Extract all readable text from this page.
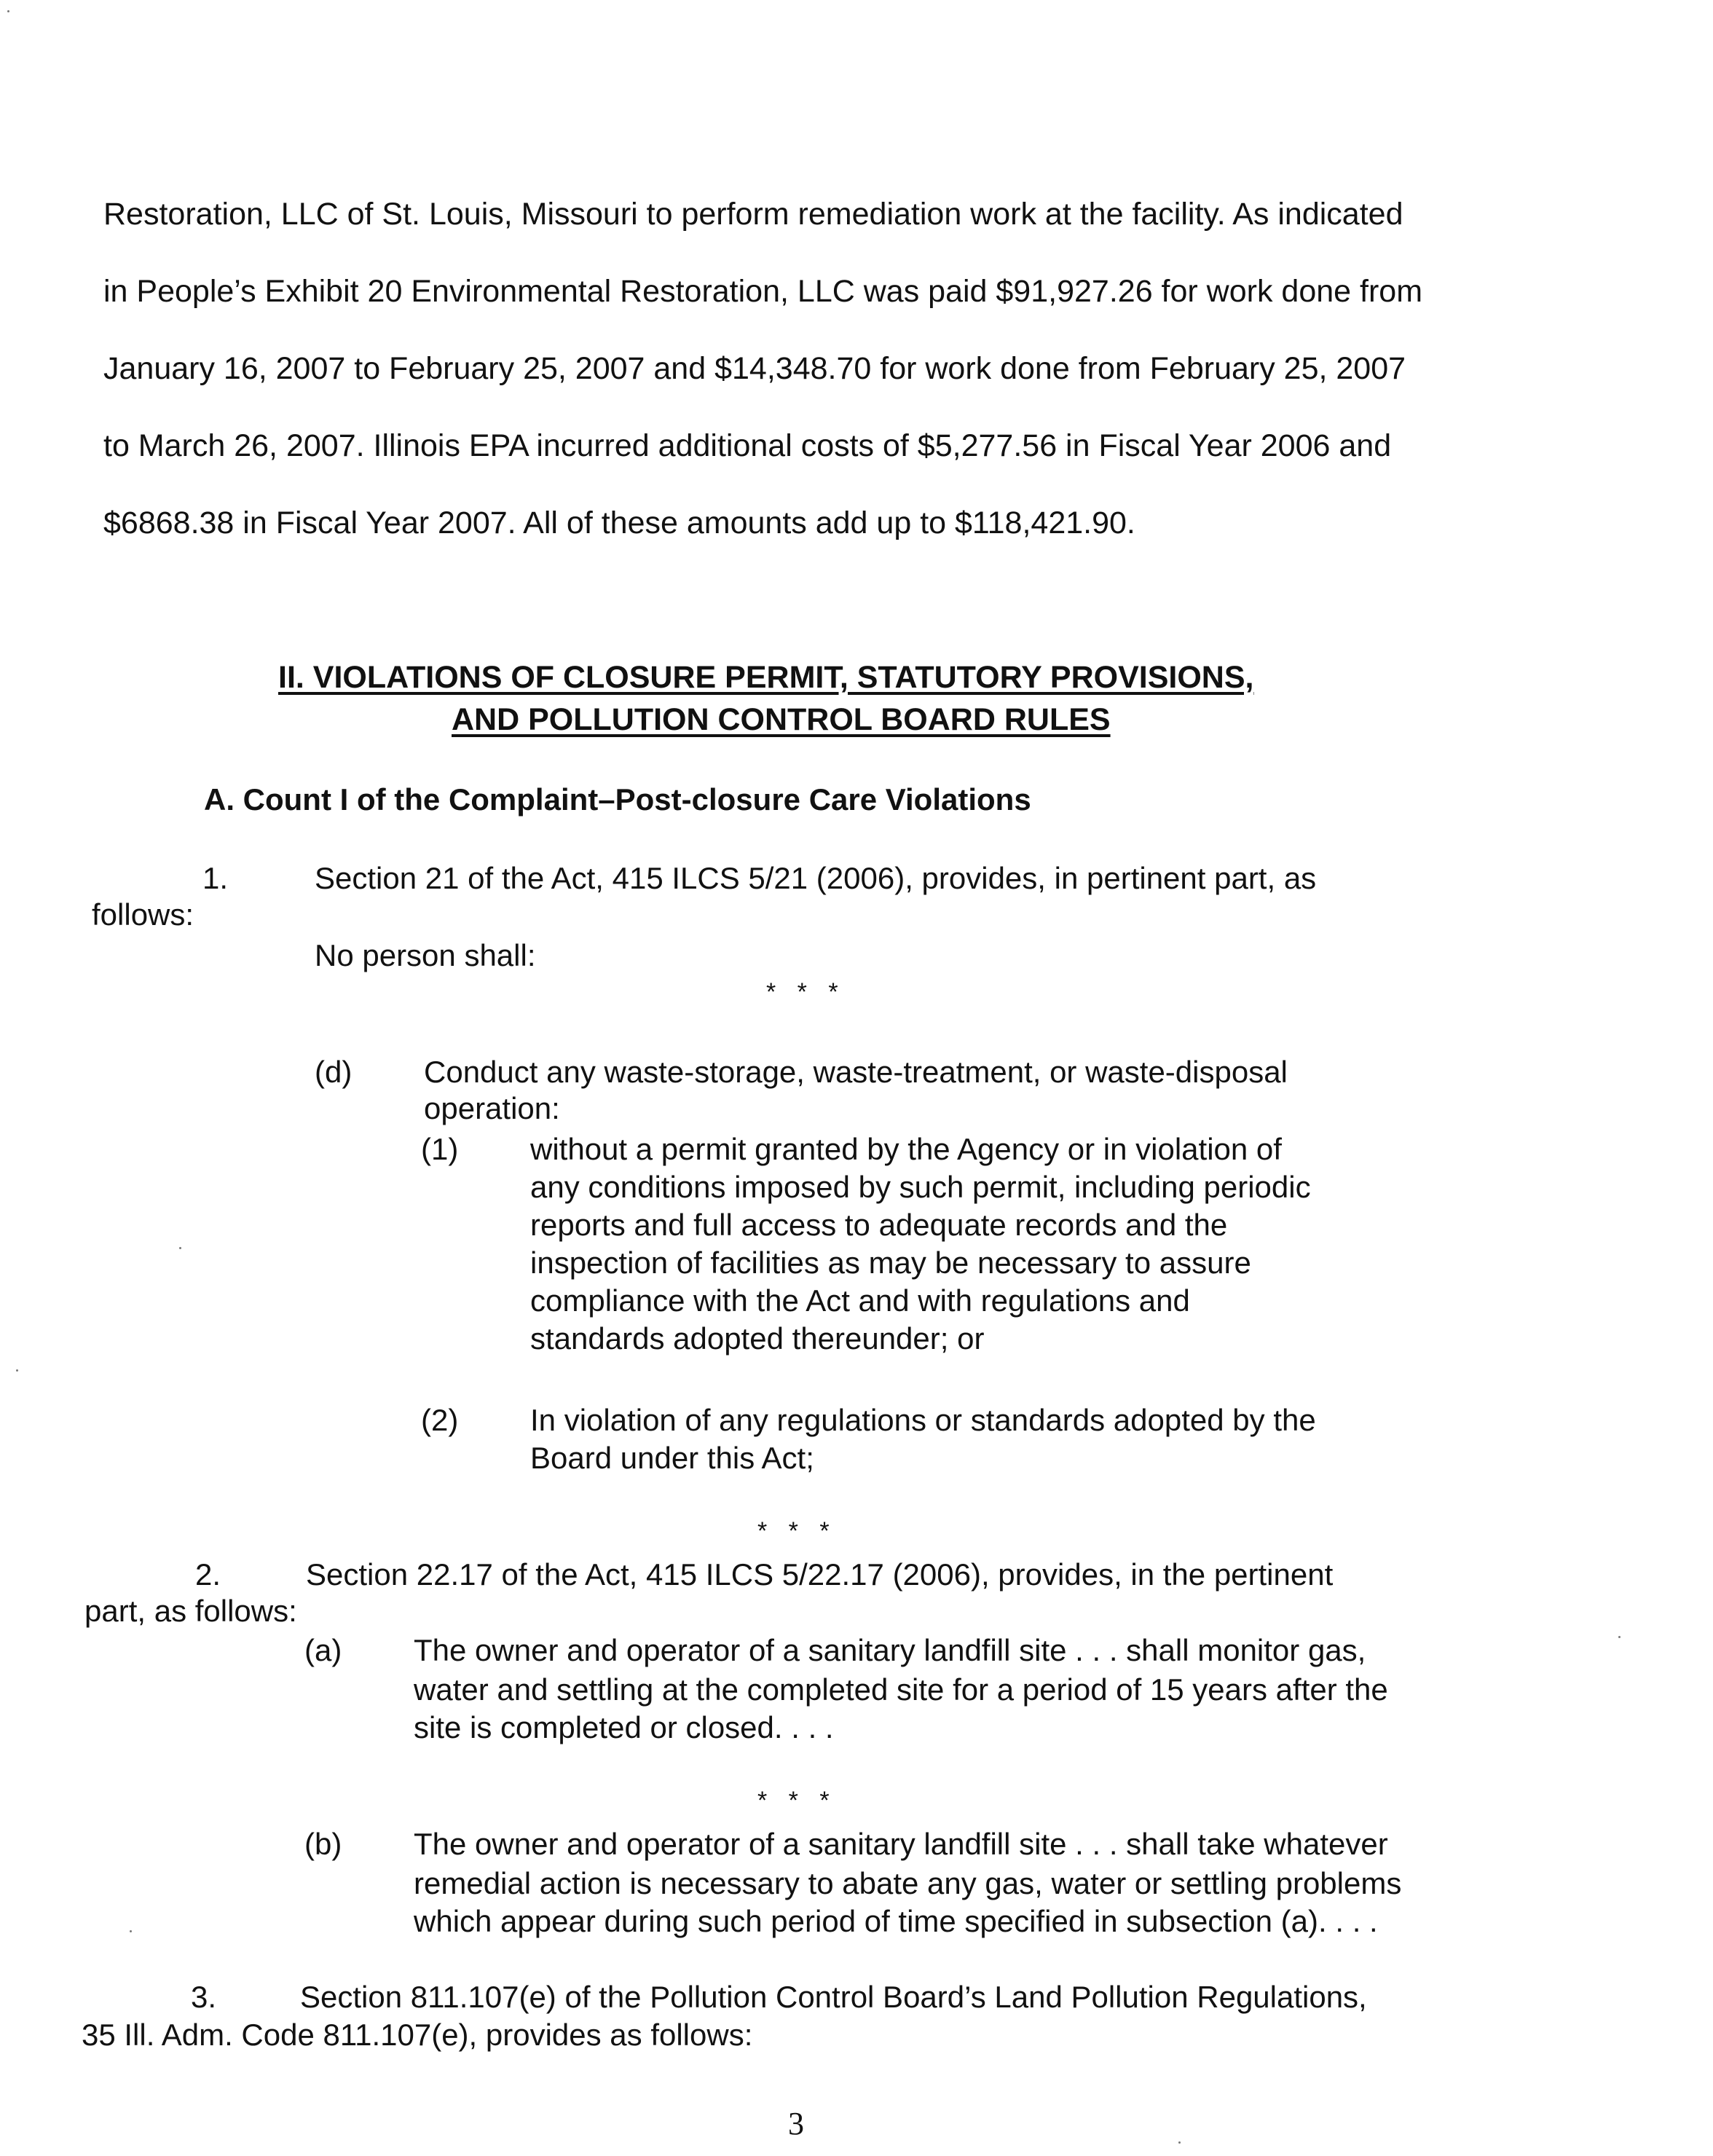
Restoration, LLC of St. Louis, Missouri to perform remediation work at the facility. As indicated

in People’s Exhibit 20 Environmental Restoration, LLC was paid $91,927.26 for work done from

January 16, 2007 to February 25, 2007 and $14,348.70 for work done from February 25, 2007

to March 26, 2007. Illinois EPA incurred additional costs of $5,277.56 in Fiscal Year 2006 and

$6868.38 in Fiscal Year 2007. All of these amounts add up to $118,421.90.

II. VIOLATIONS OF CLOSURE PERMIT, STATUTORY PROVISIONS,

AND POLLUTION CONTROL BOARD RULES

A. Count I of the Complaint–Post-closure Care Violations

1.	Section 21 of the Act, 415 ILCS 5/21 (2006), provides, in pertinent part, as

follows:

No person shall:

* * *

(d) Conduct any waste-storage, waste-treatment, or waste-disposal

operation:

(1) without a permit granted by the Agency or in violation of

any conditions imposed by such permit, including periodic

reports and full access to adequate records and the

inspection of facilities as may be necessary to assure

compliance with the Act and with regulations and

standards adopted thereunder; or

(2) In violation of any regulations or standards adopted by the

Board under this Act;

* * *

2.	Section 22.17 of the Act, 415 ILCS 5/22.17 (2006), provides, in the pertinent

part, as follows:

(a) The owner and operator of a sanitary landfill site . . . shall monitor gas,

water and settling at the completed site for a period of 15 years after the

site is completed or closed. . . .

* * *

(b) The owner and operator of a sanitary landfill site . . . shall take whatever

remedial action is necessary to abate any gas, water or settling problems

which appear during such period of time specified in subsection (a). . . .

3.	Section 811.107(e) of the Pollution Control Board’s Land Pollution Regulations,

35 Ill. Adm. Code 811.107(e), provides as follows:

3
